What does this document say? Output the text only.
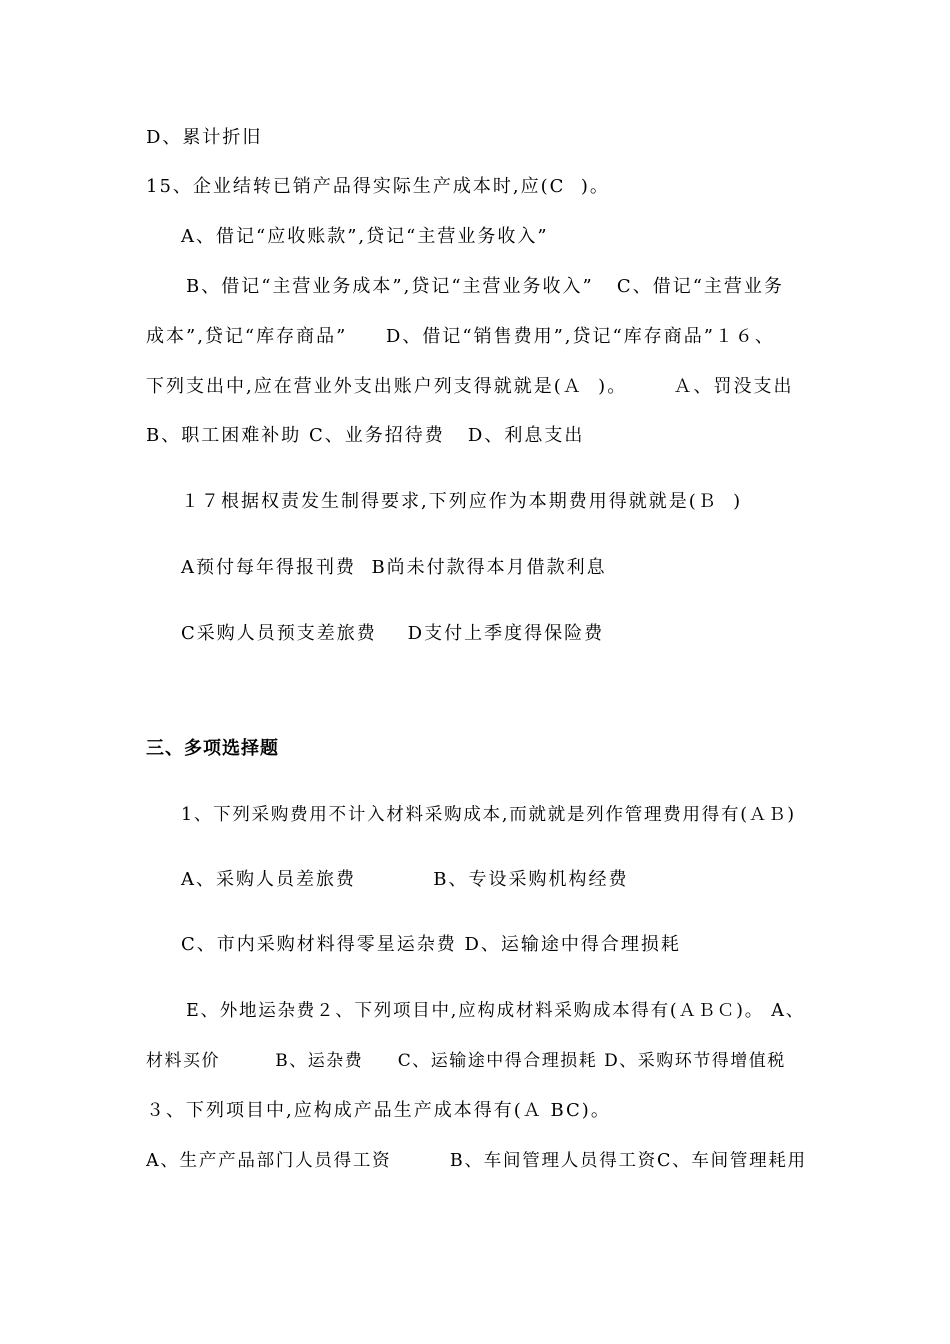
D、累计折旧
15、企业结转已销产品得实际生产成本时,应(C  )。
A、借记“应收账款”,贷记“主营业务收入”
B、借记“主营业务成本”,贷记“主营业务收入”   C、借记“主营业务
成本”,贷记“库存商品”     D、借记“销售费用”,贷记“库存商品”１６、
下列支出中,应在营业外支出账户列支得就就是(Ａ  )。      Ａ、罚没支出
B、职工困难补助 C、业务招待费   D、利息支出
１７根据权责发生制得要求,下列应作为本期费用得就就是(Ｂ  )
A预付每年得报刊费  B尚未付款得本月借款利息
C采购人员预支差旅费    D支付上季度得保险费
三、多项选择题
1、下列采购费用不计入材料采购成本,而就就是列作管理费用得有(ＡＢ)
A、采购人员差旅费          B、专设采购机构经费
C、市内采购材料得零星运杂费 D、运输途中得合理损耗
E、外地运杂费２、下列项目中,应构成材料采购成本得有(ＡＢＣ)。 A、
材料买价        B、运杂费     C、运输途中得合理损耗 D、采购环节得增值税
３、下列项目中,应构成产品生产成本得有(Ａ BC)。
A、生产产品部门人员得工资        B、车间管理人员得工资C、车间管理耗用
